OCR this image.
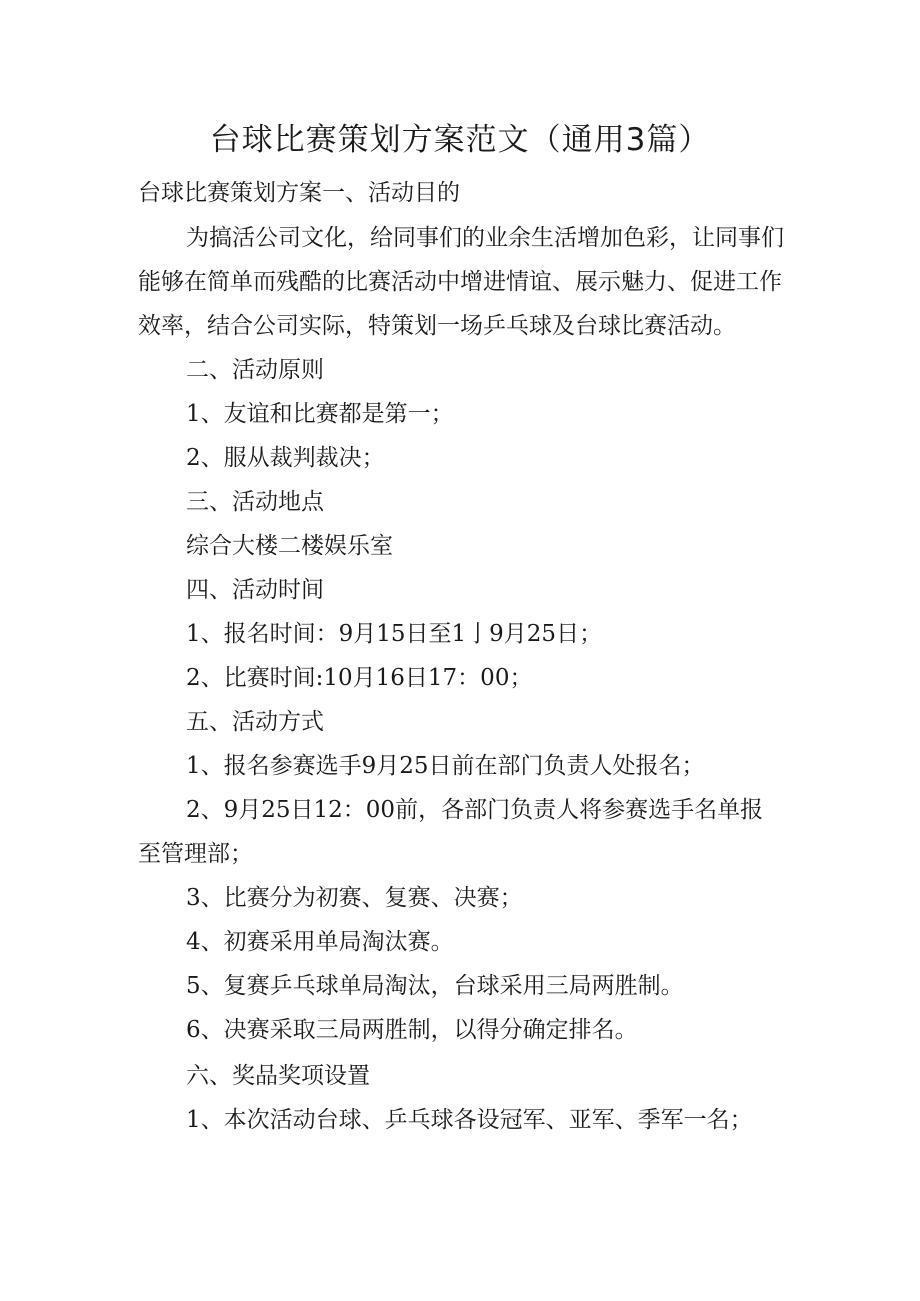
台球比赛策划方案范文（通用3篇）

台球比赛策划方案一、活动目的

为搞活公司文化，给同事们的业余生活增加色彩，让同事们

能够在简单而残酷的比赛活动中增进情谊、展示魅力、促进工作

效率，结合公司实际，特策划一场乒乓球及台球比赛活动。

二、活动原则

1、友谊和比赛都是第一；

2、服从裁判裁决；

三、活动地点

综合大楼二楼娱乐室

四、活动时间

1、报名时间：9月15日至1亅9月25日；

2、比赛时间:10月16日17：00；

五、活动方式

1、报名参赛选手9月25日前在部门负责人处报名；

2、9月25日12：00前，各部门负责人将参赛选手名单报

至管理部；

3、比赛分为初赛、复赛、决赛；

4、初赛采用单局淘汰赛。

5、复赛乒乓球单局淘汰，台球采用三局两胜制。

6、决赛采取三局两胜制，以得分确定排名。

六、奖品奖项设置

1、本次活动台球、乒乓球各设冠军、亚军、季军一名；
